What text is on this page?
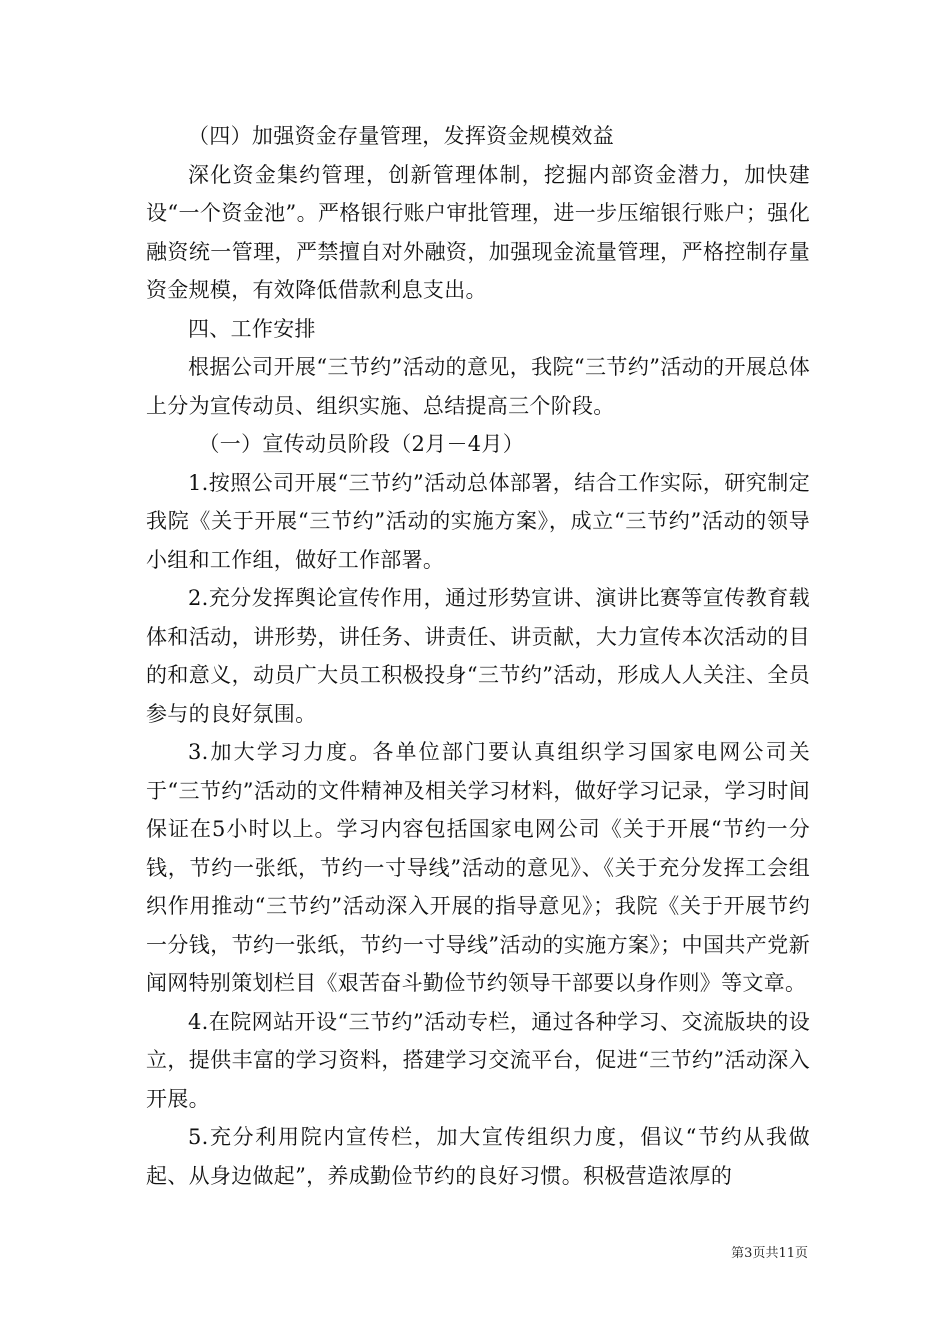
（四）加强资金存量管理，发挥资金规模效益

深化资金集约管理，创新管理体制，挖掘内部资金潜力，加快建设“一个资金池”。严格银行账户审批管理，进一步压缩银行账户；强化融资统一管理，严禁擅自对外融资，加强现金流量管理，严格控制存量资金规模，有效降低借款利息支出。

四、工作安排

根据公司开展“三节约”活动的意见，我院“三节约”活动的开展总体上分为宣传动员、组织实施、总结提高三个阶段。

（一）宣传动员阶段（2月－4月）

1.按照公司开展“三节约”活动总体部署，结合工作实际，研究制定我院《关于开展“三节约”活动的实施方案》，成立“三节约”活动的领导小组和工作组，做好工作部署。

2.充分发挥舆论宣传作用，通过形势宣讲、演讲比赛等宣传教育载体和活动，讲形势，讲任务、讲责任、讲贡献，大力宣传本次活动的目的和意义，动员广大员工积极投身“三节约”活动，形成人人关注、全员参与的良好氛围。

3.加大学习力度。各单位部门要认真组织学习国家电网公司关于“三节约”活动的文件精神及相关学习材料，做好学习记录，学习时间保证在5小时以上。学习内容包括国家电网公司《关于开展“节约一分钱，节约一张纸，节约一寸导线”活动的意见》、《关于充分发挥工会组织作用推动“三节约”活动深入开展的指导意见》；我院《关于开展节约一分钱，节约一张纸，节约一寸导线”活动的实施方案》；中国共产党新闻网特别策划栏目《艰苦奋斗勤俭节约领导干部要以身作则》等文章。

4.在院网站开设“三节约”活动专栏，通过各种学习、交流版块的设立，提供丰富的学习资料，搭建学习交流平台，促进“三节约”活动深入开展。

5.充分利用院内宣传栏，加大宣传组织力度，倡议“节约从我做起、从身边做起”，养成勤俭节约的良好习惯。积极营造浓厚的

第3页共11页
